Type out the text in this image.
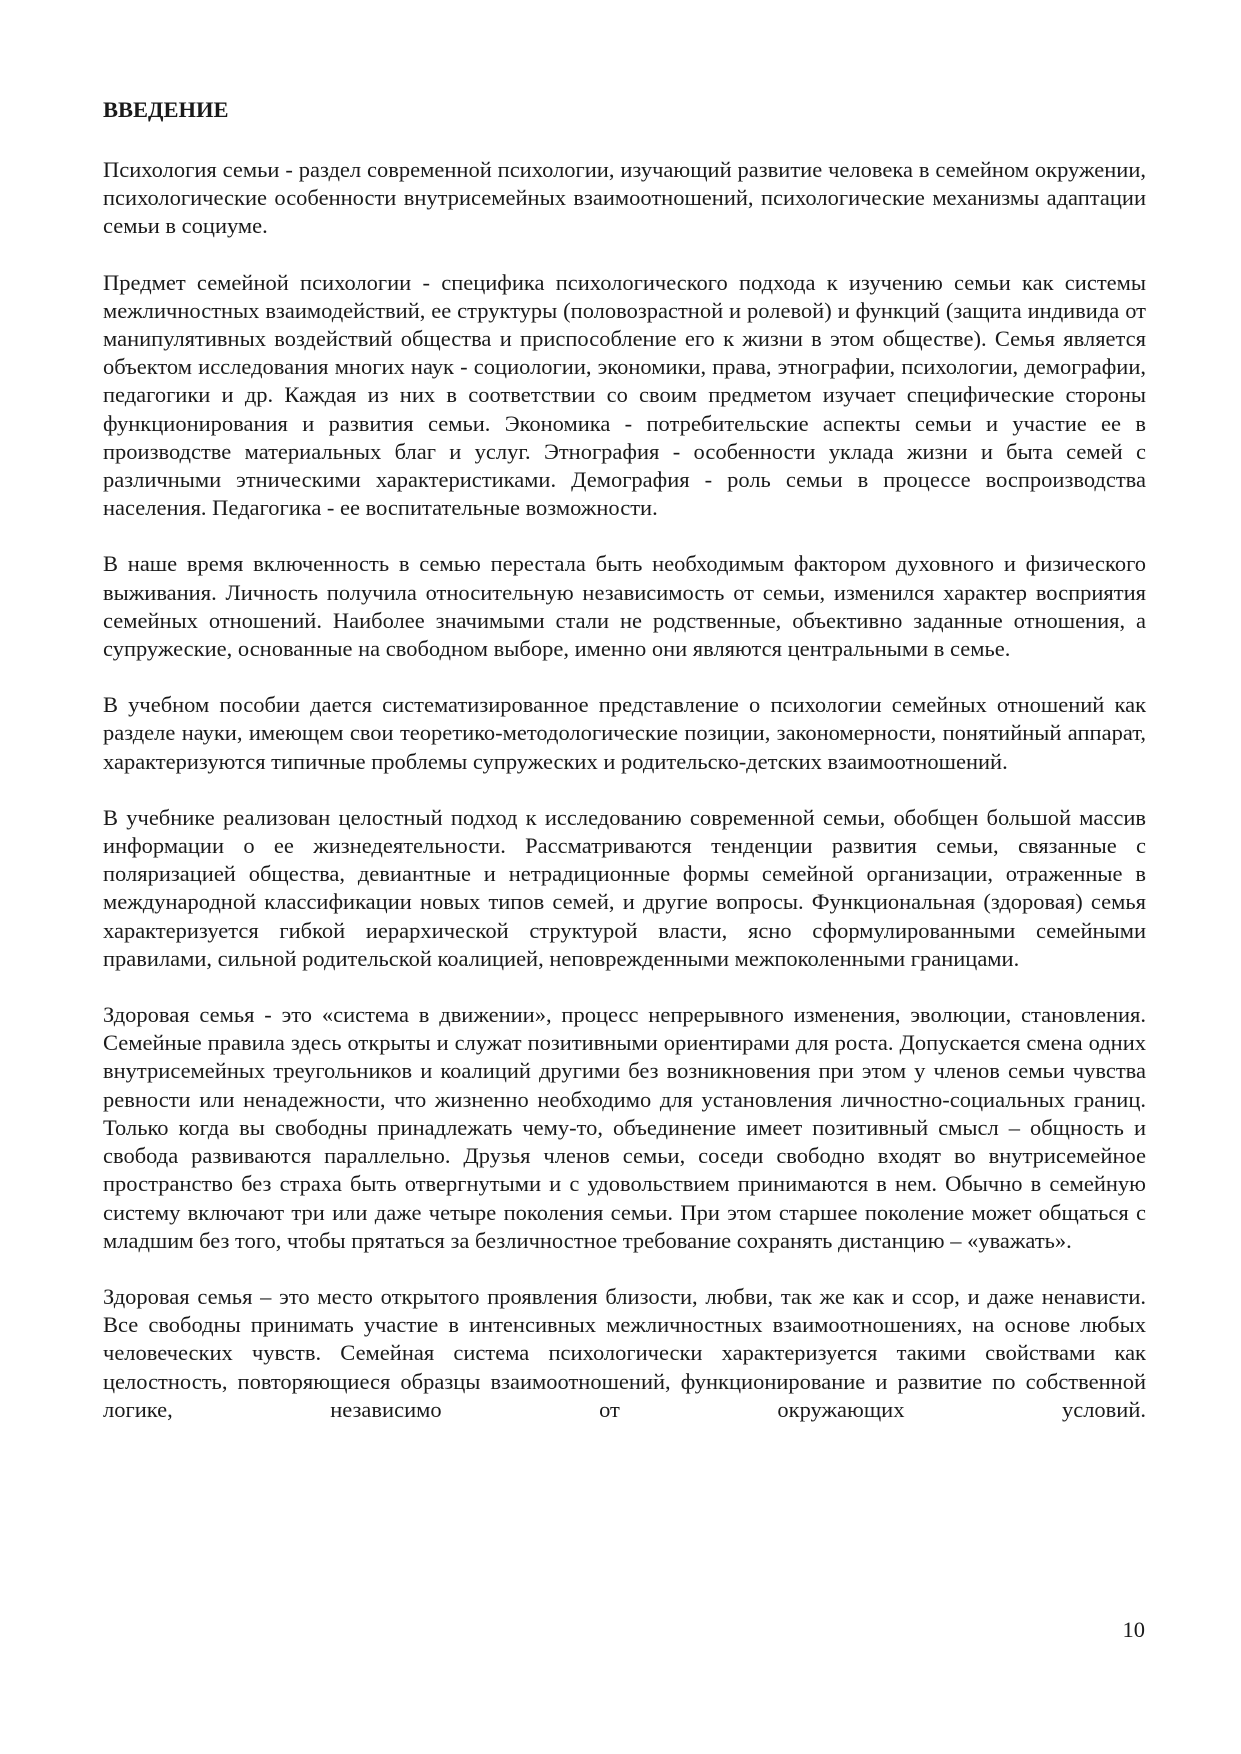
ВВЕДЕНИЕ

Психология семьи - раздел современной психологии, изучающий развитие человека в семейном окружении, психологические особенности внутрисемейных взаимоотношений, психологические механизмы адаптации семьи в социуме.

Предмет семейной психологии - специфика психологического подхода к изучению семьи как системы межличностных взаимодействий, ее структуры (половозрастной и ролевой) и функций (защита индивида от манипулятивных воздействий общества и приспособление его к жизни в этом обществе). Семья является объектом исследования многих наук - социологии, экономики, права, этнографии, психологии, демографии, педагогики и др. Каждая из них в соответствии со своим предметом изучает специфические стороны функционирования и развития семьи. Экономика - потребительские аспекты семьи и участие ее в производстве материальных благ и услуг. Этнография - особенности уклада жизни и быта семей с различными этническими характеристиками. Демография - роль семьи в процессе воспроизводства населения. Педагогика - ее воспитательные возможности.

В наше время включенность в семью перестала быть необходимым фактором духовного и физического выживания. Личность получила относительную независимость от семьи, изменился характер восприятия семейных отношений. Наиболее значимыми стали не родственные, объективно заданные отношения, а супружеские, основанные на свободном выборе, именно они являются центральными в семье.

В учебном пособии дается систематизированное представление о психологии семейных отношений как разделе науки, имеющем свои теоретико-методологические позиции, закономерности, понятийный аппарат, характеризуются типичные проблемы супружеских и родительско-детских взаимоотношений.

В учебнике реализован целостный подход к исследованию современной семьи, обобщен большой массив информации о ее жизнедеятельности. Рассматриваются тенденции развития семьи, связанные с поляризацией общества, девиантные и нетрадиционные формы семейной организации, отраженные в международной классификации новых типов семей, и другие вопросы. Функциональная (здоровая) семья характеризуется гибкой иерархической структурой власти, ясно сформулированными семейными правилами, сильной родительской коалицией, неповрежденными межпоколенными границами.

Здоровая семья - это «система в движении», процесс непрерывного изменения, эволюции, становления. Семейные правила здесь открыты и служат позитивными ориентирами для роста. Допускается смена одних внутрисемейных треугольников и коалиций другими без возникновения при этом у членов семьи чувства ревности или ненадежности, что жизненно необходимо для установления личностно-социальных границ. Только когда вы свободны принадлежать чему-то, объединение имеет позитивный смысл – общность и свобода развиваются параллельно. Друзья членов семьи, соседи свободно входят во внутрисемейное пространство без страха быть отвергнутыми и с удовольствием принимаются в нем. Обычно в семейную систему включают три или даже четыре поколения семьи. При этом старшее поколение может общаться с младшим без того, чтобы прятаться за безличностное требование сохранять дистанцию – «уважать».

Здоровая семья – это место открытого проявления близости, любви, так же как и ссор, и даже ненависти. Все свободны принимать участие в интенсивных межличностных взаимоотношениях, на основе любых человеческих чувств. Семейная система психологически характеризуется такими свойствами как целостность, повторяющиеся образцы взаимоотношений, функционирование и развитие по собственной логике, независимо от окружающих условий.

10
